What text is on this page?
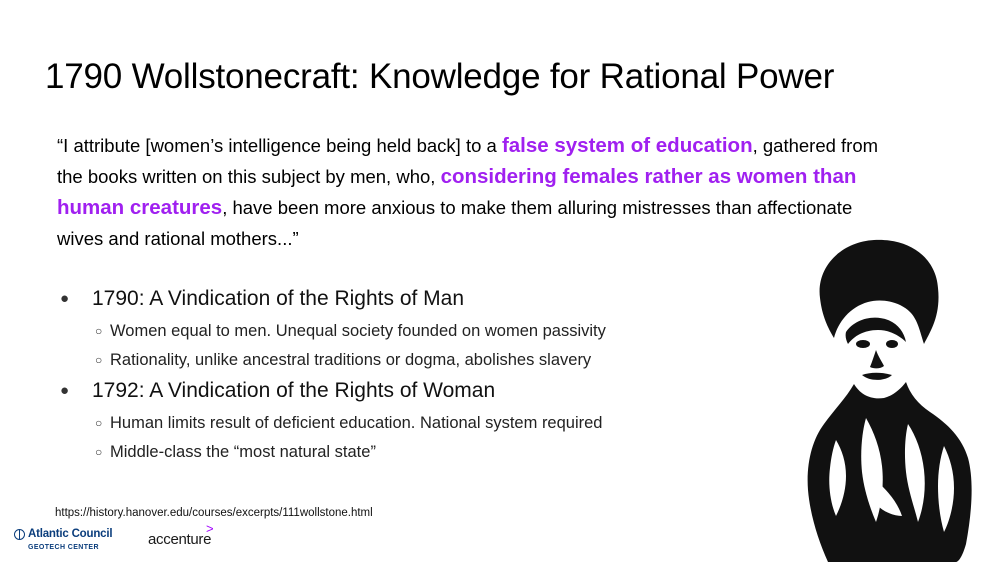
1790 Wollstonecraft: Knowledge for Rational Power
“I attribute [women’s intelligence being held back] to a false system of education, gathered from the books written on this subject by men, who, considering females rather as women than human creatures, have been more anxious to make them alluring mistresses than affectionate wives and rational mothers...”
●	1790: A Vindication of the Rights of Man
○ Women equal to men. Unequal society founded on women passivity
○ Rationality, unlike ancestral traditions or dogma, abolishes slavery
●	1792: A Vindication of the Rights of Woman
○ Human limits result of deficient education. National system required
○ Middle-class the “most natural state”
https://history.hanover.edu/courses/excerpts/111wollstone.html
Atlantic Council
GEOTECH CENTER	accenture
>
